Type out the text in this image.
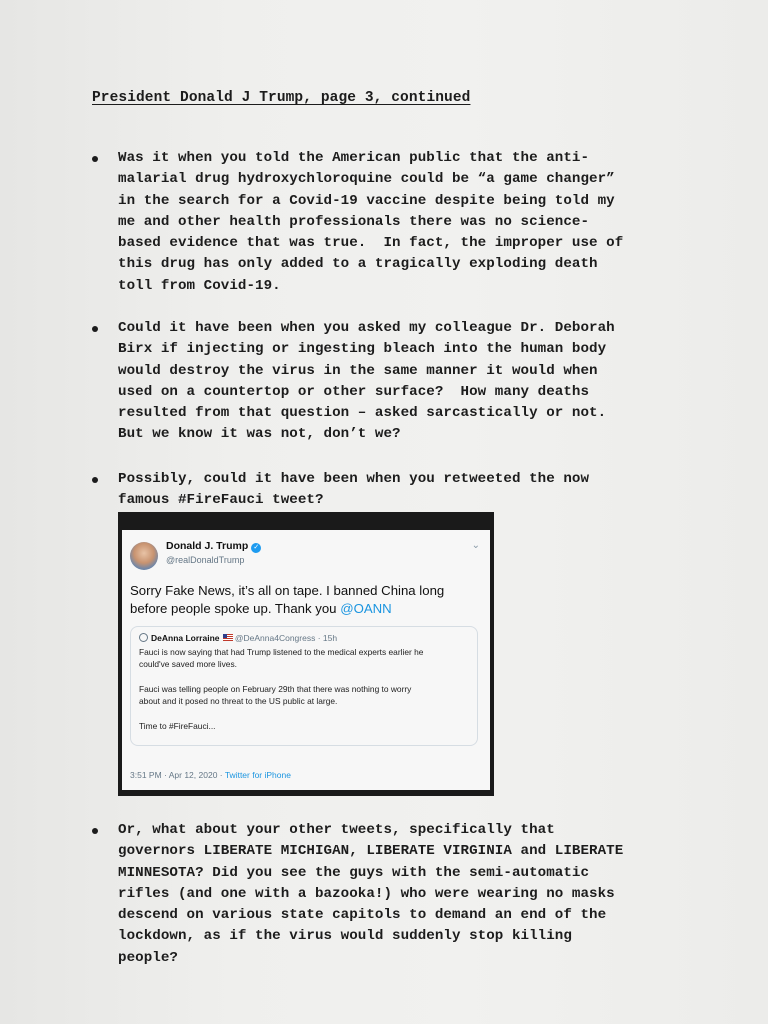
President Donald J Trump, page 3, continued
Was it when you told the American public that the anti-
malarial drug hydroxychloroquine could be “a game changer”
in the search for a Covid-19 vaccine despite being told my
me and other health professionals there was no science-
based evidence that was true.  In fact, the improper use of
this drug has only added to a tragically exploding death
toll from Covid-19.
Could it have been when you asked my colleague Dr. Deborah
Birx if injecting or ingesting bleach into the human body
would destroy the virus in the same manner it would when
used on a countertop or other surface?  How many deaths
resulted from that question – asked sarcastically or not.
But we know it was not, don’t we?
Possibly, could it have been when you retweeted the now
famous #FireFauci tweet?
Donald J. Trump ✓
@realDonaldTrump
⌄
Sorry Fake News, it’s all on tape. I banned China long
before people spoke up. Thank you @OANN
DeAnna Lorraine @DeAnna4Congress · 15h
Fauci is now saying that had Trump listened to the medical experts earlier he
could've saved more lives.
Fauci was telling people on February 29th that there was nothing to worry
about and it posed no threat to the US public at large.
Time to #FireFauci...
3:51 PM · Apr 12, 2020 · Twitter for iPhone
Or, what about your other tweets, specifically that
governors LIBERATE MICHIGAN, LIBERATE VIRGINIA and LIBERATE
MINNESOTA? Did you see the guys with the semi-automatic
rifles (and one with a bazooka!) who were wearing no masks
descend on various state capitols to demand an end of the
lockdown, as if the virus would suddenly stop killing
people?
